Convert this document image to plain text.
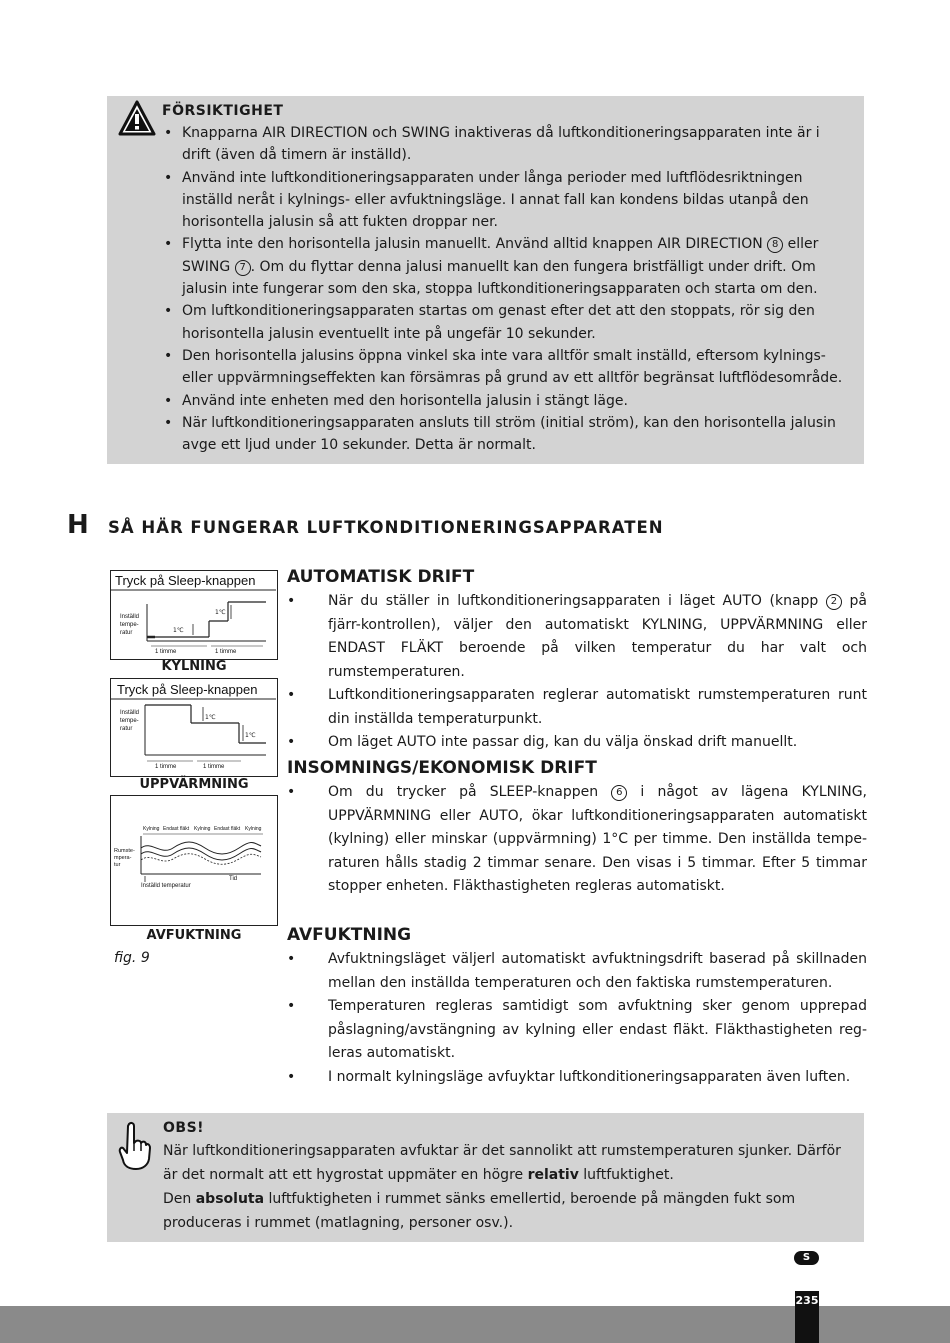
FÖRSIKTIGHET
• Knapparna AIR DIRECTION och SWING inaktiveras då luftkonditioneringsapparaten inte är i drift (även då timern är inställd).
• Använd inte luftkonditioneringsapparaten under långa perioder med luftflödesriktningen inställd neråt i kylnings- eller avfuktningsläge. I annat fall kan kondens bildas utanpå den horisontella jalusin så att fukten droppar ner.
• Flytta inte den horisontella jalusin manuellt. Använd alltid knappen AIR DIRECTION 8 eller SWING 7 . Om du flyttar denna jalusi manuellt kan den fungera bristfälligt under drift. Om jalusin inte fungerar som den ska, stoppa luftkonditioneringsapparaten och starta om den.
• Om luftkonditioneringsapparaten startas om genast efter det att den stoppats, rör sig den horisontella jalusin eventuellt inte på ungefär 10 sekunder.
• Den horisontella jalusins öppna vinkel ska inte vara alltför smalt inställd, eftersom kylnings- eller uppvärmningseffekten kan försämras på grund av ett alltför begränsat luftflödesområde.
• Använd inte enheten med den horisontella jalusin i stängt läge.
• När luftkonditioneringsapparaten ansluts till ström (initial ström), kan den horisontella jalusin avge ett ljud under 10 sekunder. Detta är normalt.
H SÅ HÄR FUNGERAR LUFTKONDITIONERINGSAPPARATEN
Tryck på Sleep-knappen
Inställd
tempe-
ratur	1℃
1℃
1 timme	1 timme
KYLNING
Tryck på Sleep-knappen
Inställd
tempe-
ratur
1℃
1℃
1 timme	1 timme
UPPVÄRMNING
Kylning Endast fläkt Kylning Endast fläkt Kylning
Rumste-
mpera-
tur
Inställd temperatur
Tid
AVFUKTNING
fig. 9
AUTOMATISK DRIFT
• När du ställer in luftkonditioneringsapparaten i läget AUTO (knapp 2 på fjärr-kontrollen), väljer den automatiskt KYLNING, UPPVÄRMNING eller ENDAST FLÄKT beroende på vilken temperatur du har valt och rumstemperaturen.
• Luftkonditioneringsapparaten reglerar automatiskt rumstemperaturen runt din inställda temperaturpunkt.
• Om läget AUTO inte passar dig, kan du välja önskad drift manuellt.
INSOMNINGS/EKONOMISK DRIFT
• Om du trycker på SLEEP-knappen 6 i något av lägena KYLNING, UPPVÄRMNING eller AUTO, ökar luftkonditioneringsapparaten automatiskt (kylning) eller minskar (uppvärmning) 1°C per timme. Den inställda tempe-raturen hålls stadig 2 timmar senare. Den visas i 5 timmar. Efter 5 timmar stopper enheten. Fläkthastigheten regleras automatiskt.
AVFUKTNING
• Avfuktningsläget väljerl automatiskt avfuktningsdrift baserad på skillnaden mellan den inställda temperaturen och den faktiska rumstemperaturen.
• Temperaturen regleras samtidigt som avfuktning sker genom upprepad påslagning/avstängning av kylning eller endast fläkt. Fläkthastigheten reg-leras automatiskt.
• I normalt kylningsläge avfuyktar luftkonditioneringsapparaten även luften.
OBS!

När luftkonditioneringsapparaten avfuktar är det sannolikt att rumstemperaturen sjunker. Därför är det normalt att ett hygrostat uppmäter en högre relativ luftfuktighet.

Den absoluta luftfuktigheten i rummet sänks emellertid, beroende på mängden fukt som produceras i rummet (matlagning, personer osv.).

S
235
